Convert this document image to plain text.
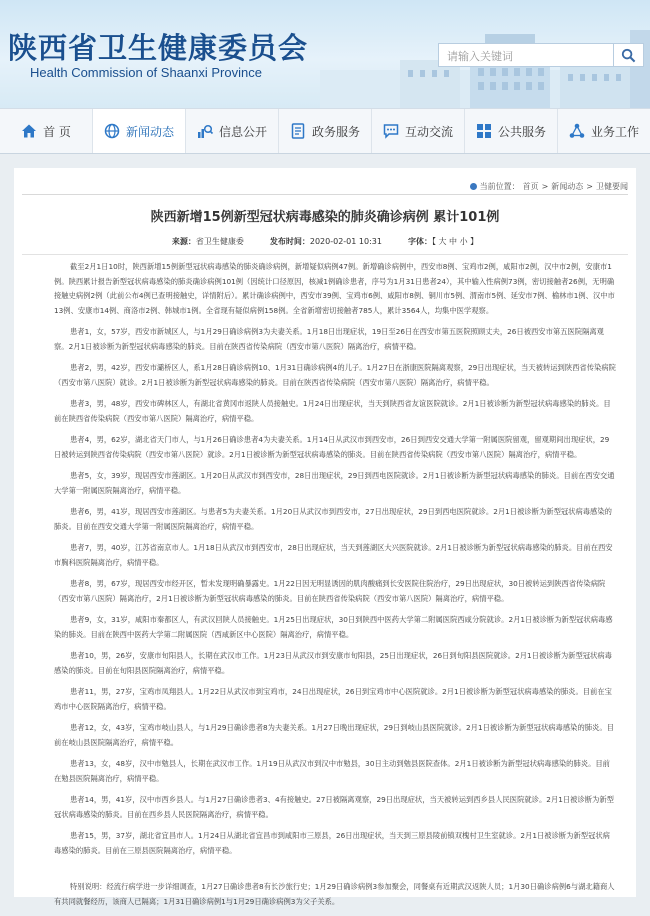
陕西省卫生健康委员会
Health Commission of Shaanxi Province
请输入关键词
首 页	新闻动态	信息公开	政务服务	互动交流	公共服务	业务工作
当前位置： 首页 > 新闻动态 > 卫健要闻
陕西新增15例新型冠状病毒感染的肺炎确诊病例 累计101例
来源：省卫生健康委	发布时间：2020-02-01 10:31	字体：【 大 中 小 】

截至2月1日10时，陕西新增15例新型冠状病毒感染的肺炎确诊病例，新增疑似病例47例。新增确诊病例中，西安市8例、宝鸡市2例，咸阳市2例，汉中市2例，安康市1例。陕西累计报告新型冠状病毒感染的肺炎确诊病例101例（因统计口径原因，核减1例确诊患者，序号为1月31日患者24），其中输入性病例73例，密切接触者26例，无明确接触史病例2例（此前公布4例已查明接触史，详情附后）。累计确诊病例中，西安市39例、宝鸡市6例、咸阳市8例、铜川市5例、渭南市5例、延安市7例、榆林市1例、汉中市13例、安康市14例、商洛市2例、韩城市1例。全省现有疑似病例158例。全省新增密切接触者785人，累计3564人，均集中医学观察。

患者1，女，57岁，西安市新城区人，与1月29日确诊病例3为夫妻关系。1月18日出现症状，19日至26日在西安市第五医院照顾丈夫，26日被西安市第五医院隔离观察。2月1日被诊断为新型冠状病毒感染的肺炎。目前在陕西省传染病院（西安市第八医院）隔离治疗，病情平稳。

患者2，男，42岁，西安市灞桥区人，系1月28日确诊病例10、1月31日确诊病例4的儿子。1月27日在浙康医院隔离观察，29日出现症状，当天被转运到陕西省传染病院（西安市第八医院）就诊。2月1日被诊断为新型冠状病毒感染的肺炎。目前在陕西省传染病院（西安市第八医院）隔离治疗，病情平稳。

患者3，男，48岁，西安市碑林区人，有湖北省黄冈市返陕人员接触史。1月24日出现症状，当天到陕西省友谊医院就诊。2月1日被诊断为新型冠状病毒感染的肺炎。目前在陕西省传染病院（西安市第八医院）隔离治疗，病情平稳。

患者4，男，62岁，湖北省天门市人，与1月26日确诊患者4为夫妻关系。1月14日从武汉市到西安市，26日到西安交通大学第一附属医院留观，留观期间出现症状，29日被转运到陕西省传染病院（西安市第八医院）就诊。2月1日被诊断为新型冠状病毒感染的肺炎。目前在陕西省传染病院（西安市第八医院）隔离治疗，病情平稳。

患者5，女，39岁，现居西安市莲湖区。1月20日从武汉市到西安市，28日出现症状，29日到西电医院就诊。2月1日被诊断为新型冠状病毒感染的肺炎。目前在西安交通大学第一附属医院隔离治疗，病情平稳。

患者6，男，41岁，现居西安市莲湖区。与患者5为夫妻关系。1月20日从武汉市到西安市，27日出现症状，29日到西电医院就诊。2月1日被诊断为新型冠状病毒感染的肺炎。目前在西安交通大学第一附属医院隔离治疗，病情平稳。

患者7，男，40岁，江苏省南京市人。1月18日从武汉市到西安市，28日出现症状，当天到莲湖区大兴医院就诊。2月1日被诊断为新型冠状病毒感染的肺炎。目前在西安市胸科医院隔离治疗，病情平稳。

患者8，男，67岁，现居西安市经开区，暂未发现明确暴露史。1月22日因无明显诱因的肌肉酸痛到长安医院住院治疗，29日出现症状，30日被转运到陕西省传染病院（西安市第八医院）隔离治疗，2月1日被诊断为新型冠状病毒感染的肺炎。目前在陕西省传染病院（西安市第八医院）隔离治疗，病情平稳。

患者9，女，31岁，咸阳市秦都区人，有武汉回陕人员接触史。1月25日出现症状，30日到陕西中医药大学第二附属医院西咸分院就诊。2月1日被诊断为新型冠状病毒感染的肺炎。目前在陕西中医药大学第二附属医院（西咸新区中心医院）隔离治疗，病情平稳。

患者10，男，26岁，安康市旬阳县人，长期在武汉市工作。1月23日从武汉市到安康市旬阳县，25日出现症状，26日到旬阳县医院就诊。2月1日被诊断为新型冠状病毒感染的肺炎。目前在旬阳县医院隔离治疗，病情平稳。

患者11，男，27岁，宝鸡市凤翔县人。1月22日从武汉市到宝鸡市，24日出现症状，26日到宝鸡市中心医院就诊。2月1日被诊断为新型冠状病毒感染的肺炎。目前在宝鸡市中心医院隔离治疗，病情平稳。

患者12，女，43岁，宝鸡市岐山县人，与1月29日确诊患者8为夫妻关系。1月27日晚出现症状，29日到岐山县医院就诊。2月1日被诊断为新型冠状病毒感染的肺炎。目前在岐山县医院隔离治疗，病情平稳。

患者13，女，48岁，汉中市勉县人，长期在武汉市工作。1月19日从武汉市到汉中市勉县，30日主动到勉县医院查体。2月1日被诊断为新型冠状病毒感染的肺炎。目前在勉县医院隔离治疗，病情平稳。

患者14，男，41岁，汉中市西乡县人。与1月27日确诊患者3、4有接触史。27日被隔离观察，29日出现症状，当天被转运到西乡县人民医院就诊。2月1日被诊断为新型冠状病毒感染的肺炎。目前在西乡县人民医院隔离治疗，病情平稳。

患者15，男，37岁，湖北省宜昌市人。1月24日从湖北省宜昌市到咸阳市三原县，26日出现症状，当天到三原县陵前镇双槐村卫生室就诊。2月1日被诊断为新型冠状病毒感染的肺炎。目前在三原县医院隔离治疗，病情平稳。

特别说明：经流行病学进一步详细调查，1月27日确诊患者8有长沙旅行史；1月29日确诊病例3参加聚会，同餐桌有近期武汉返陕人员；1月30日确诊病例6与湖北籍商人有共同就餐经历，该商人已隔离；1月31日确诊病例1与1月29日确诊病例3为父子关系。
